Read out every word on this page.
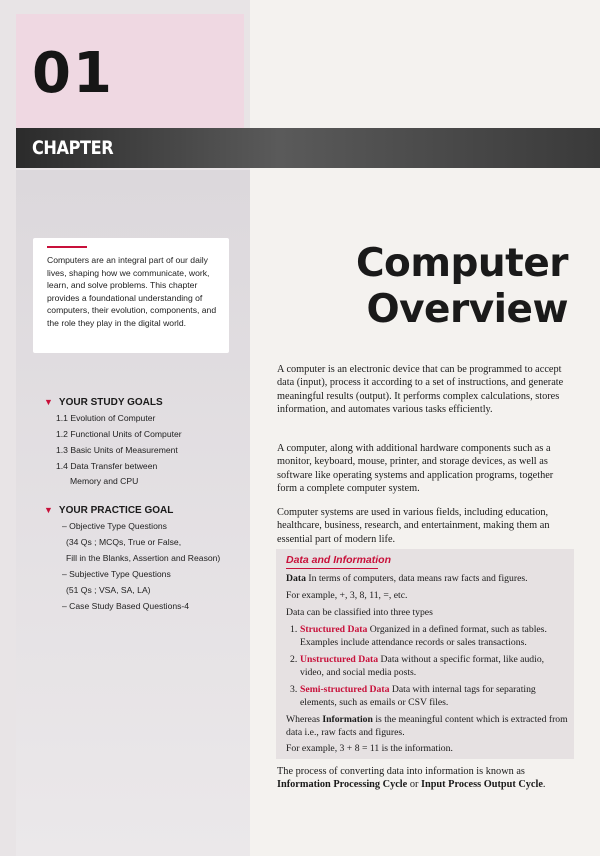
01
CHAPTER

Computers are an integral part of our daily lives, shaping how we communicate, work, learn, and solve problems. This chapter provides a foundational understanding of computers, their evolution, components, and the role they play in the digital world.

▼ YOUR STUDY GOALS
1.1 Evolution of Computer
1.2 Functional Units of Computer
1.3 Basic Units of Measurement
1.4 Data Transfer between
Memory and CPU
▼ YOUR PRACTICE GOAL
– Objective Type Questions
(34 Qs ; MCQs, True or False,
Fill in the Blanks, Assertion and Reason)
– Subjective Type Questions
(51 Qs ; VSA, SA, LA)
– Case Study Based Questions-4
Computer
Overview

A computer is an electronic device that can be programmed to accept data (input), process it according to a set of instructions, and generate meaningful results (output). It performs complex calculations, stores information, and automates various tasks efficiently.

A computer, along with additional hardware components such as a monitor, keyboard, mouse, printer, and storage devices, as well as software like operating systems and application programs, together form a complete computer system.

Computer systems are used in various fields, including education, healthcare, business, research, and entertainment, making them an essential part of modern life.

Data and Information

Data In terms of computers, data means raw facts and figures.

For example, +, 3, 8, 11, =, etc.

Data can be classified into three types

1. Structured Data Organized in a defined format, such as tables. Examples include attendance records or sales transactions.

2. Unstructured Data Data without a specific format, like audio, video, and social media posts.

3. Semi-structured Data Data with internal tags for separating elements, such as emails or CSV files.

Whereas Information is the meaningful content which is extracted from data i.e., raw facts and figures.

For example, 3 + 8 = 11 is the information.

The process of converting data into information is known as Information Processing Cycle or Input Process Output Cycle.
